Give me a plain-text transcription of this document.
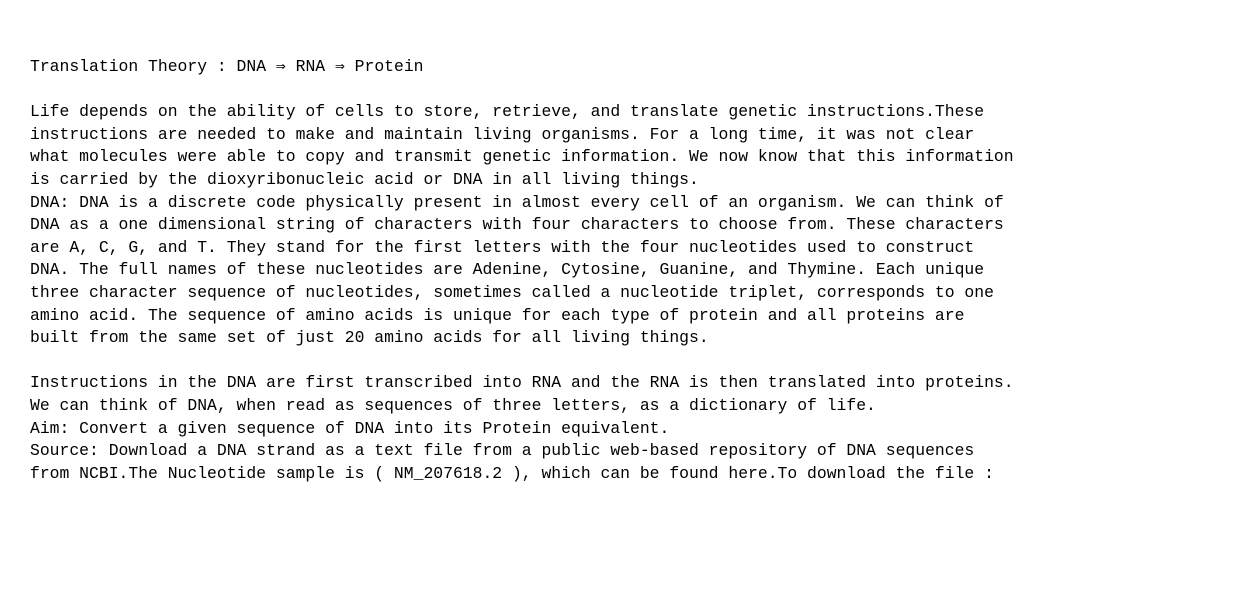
Translation Theory : DNA ⇒ RNA ⇒ Protein
Life depends on the ability of cells to store, retrieve, and translate genetic instructions.These
instructions are needed to make and maintain living organisms. For a long time, it was not clear
what molecules were able to copy and transmit genetic information. We now know that this information
is carried by the dioxyribonucleic acid or DNA in all living things.
DNA: DNA is a discrete code physically present in almost every cell of an organism. We can think of
DNA as a one dimensional string of characters with four characters to choose from. These characters
are A, C, G, and T. They stand for the first letters with the four nucleotides used to construct
DNA. The full names of these nucleotides are Adenine, Cytosine, Guanine, and Thymine. Each unique
three character sequence of nucleotides, sometimes called a nucleotide triplet, corresponds to one
amino acid. The sequence of amino acids is unique for each type of protein and all proteins are
built from the same set of just 20 amino acids for all living things.
Instructions in the DNA are first transcribed into RNA and the RNA is then translated into proteins.
We can think of DNA, when read as sequences of three letters, as a dictionary of life.
Aim: Convert a given sequence of DNA into its Protein equivalent.
Source: Download a DNA strand as a text file from a public web-based repository of DNA sequences
from NCBI.The Nucleotide sample is ( NM_207618.2 ), which can be found here.To download the file :
